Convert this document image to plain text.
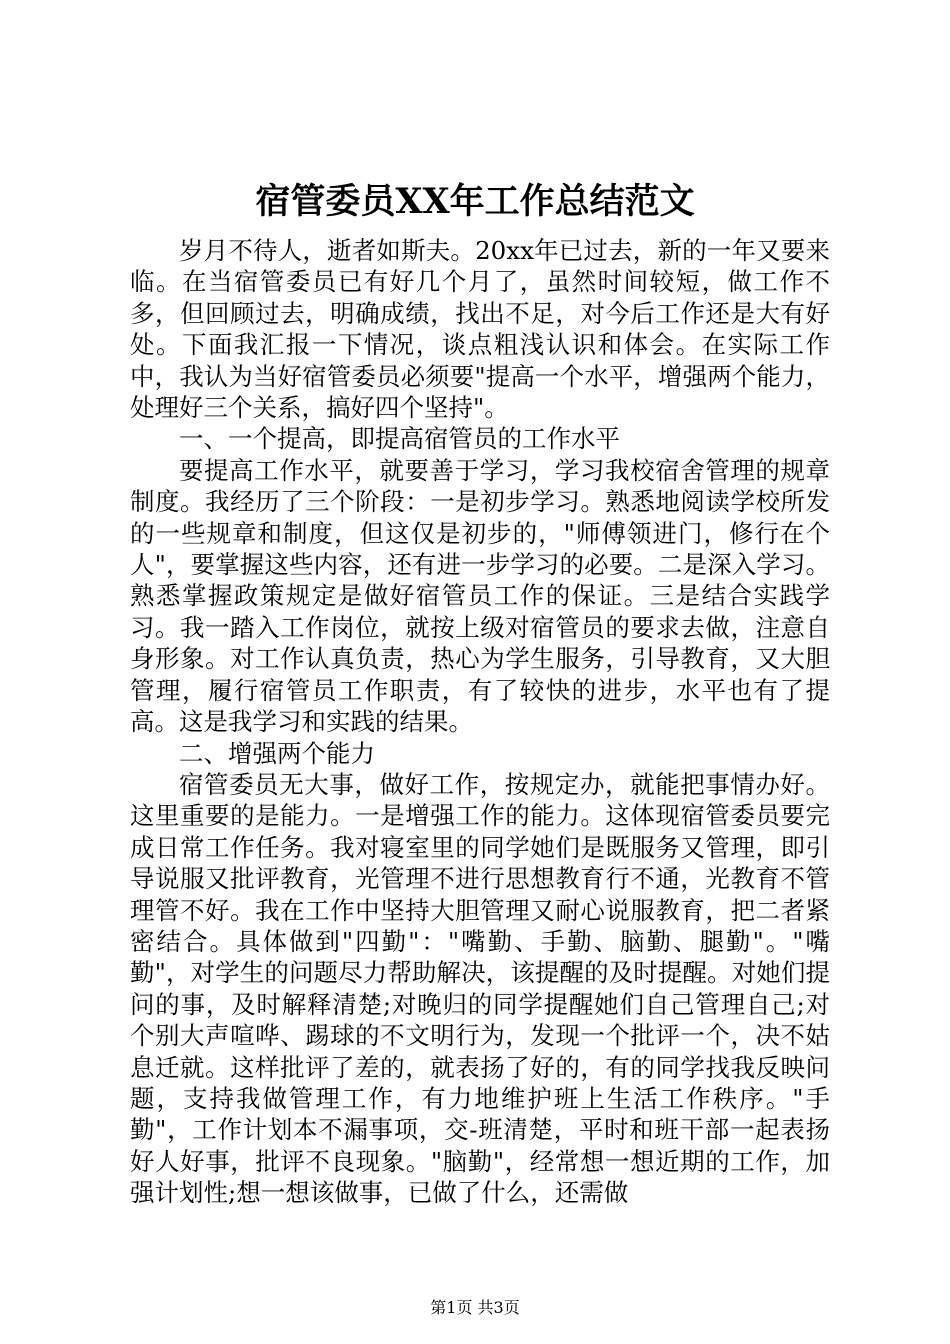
宿管委员XX年工作总结范文

岁月不待人，逝者如斯夫。20xx年已过去，新的一年又要来临。在当宿管委员已有好几个月了，虽然时间较短，做工作不多，但回顾过去，明确成绩，找出不足，对今后工作还是大有好处。下面我汇报一下情况，谈点粗浅认识和体会。在实际工作中，我认为当好宿管委员必须要"提高一个水平，增强两个能力，处理好三个关系，搞好四个坚持"。

一、一个提高，即提高宿管员的工作水平

要提高工作水平，就要善于学习，学习我校宿舍管理的规章制度。我经历了三个阶段：一是初步学习。熟悉地阅读学校所发的一些规章和制度，但这仅是初步的，"师傅领进门，修行在个人"，要掌握这些内容，还有进一步学习的必要。二是深入学习。熟悉掌握政策规定是做好宿管员工作的保证。三是结合实践学习。我一踏入工作岗位，就按上级对宿管员的要求去做，注意自身形象。对工作认真负责，热心为学生服务，引导教育，又大胆管理，履行宿管员工作职责，有了较快的进步，水平也有了提高。这是我学习和实践的结果。

二、增强两个能力

宿管委员无大事，做好工作，按规定办，就能把事情办好。这里重要的是能力。一是增强工作的能力。这体现宿管委员要完成日常工作任务。我对寝室里的同学她们是既服务又管理，即引导说服又批评教育，光管理不进行思想教育行不通，光教育不管理管不好。我在工作中坚持大胆管理又耐心说服教育，把二者紧密结合。具体做到"四勤"："嘴勤、手勤、脑勤、腿勤"。"嘴勤"，对学生的问题尽力帮助解决，该提醒的及时提醒。对她们提问的事，及时解释清楚;对晚归的同学提醒她们自己管理自己;对个别大声喧哗、踢球的不文明行为，发现一个批评一个，决不姑息迁就。这样批评了差的，就表扬了好的，有的同学找我反映问题，支持我做管理工作，有力地维护班上生活工作秩序。"手勤"，工作计划本不漏事项，交-班清楚，平时和班干部一起表扬好人好事，批评不良现象。"脑勤"，经常想一想近期的工作，加强计划性;想一想该做事，已做了什么，还需做

第1页 共3页
